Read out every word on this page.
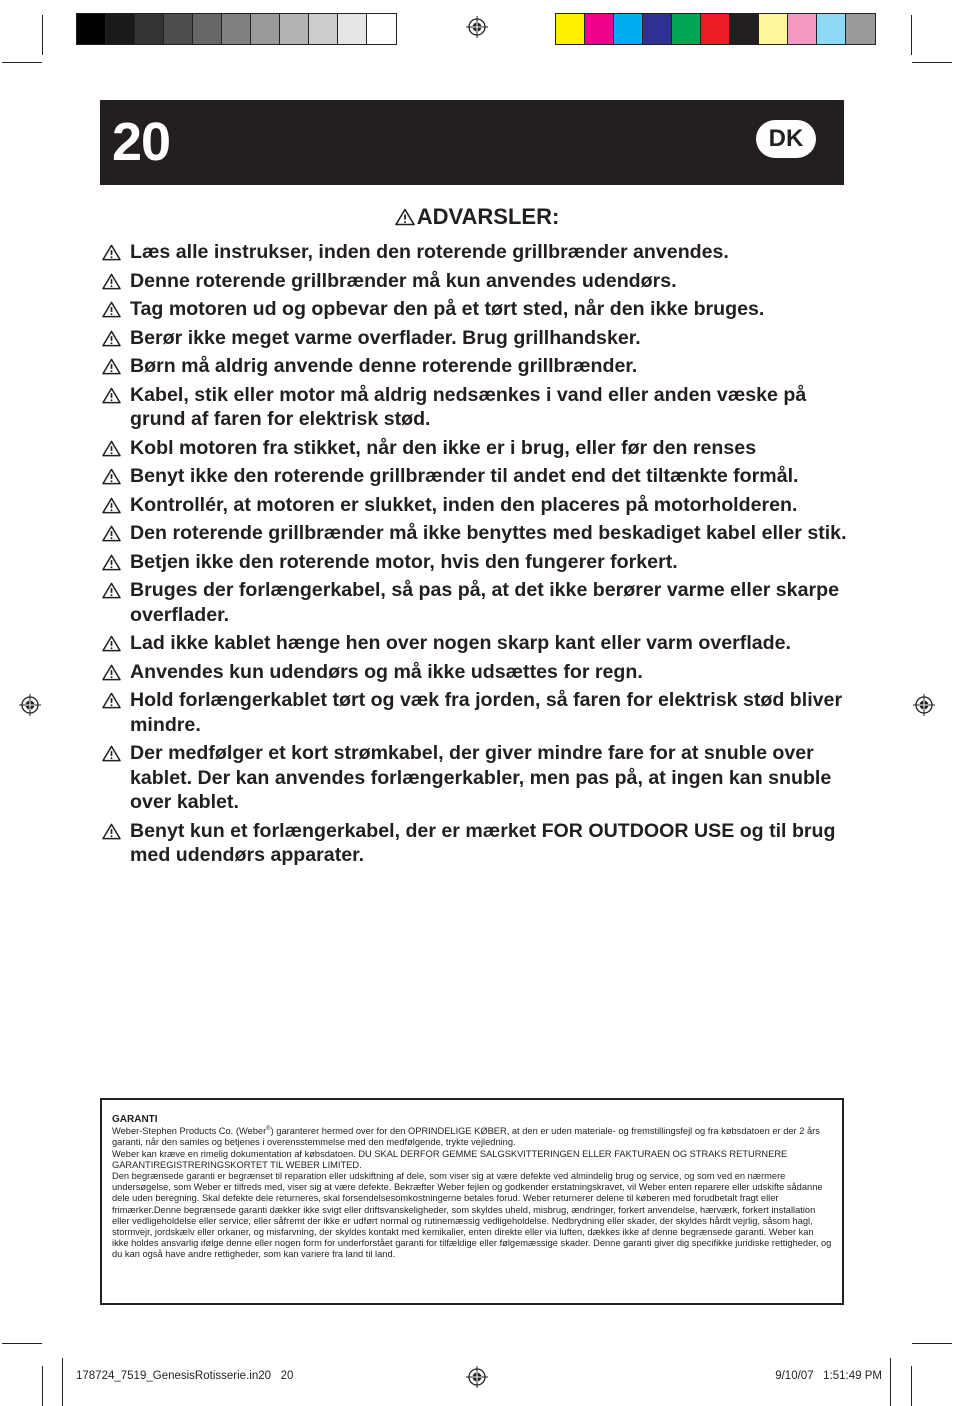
20	DK
ADVARSLER:
Læs alle instrukser, inden den roterende grillbrænder anvendes.
Denne roterende grillbrænder må kun anvendes udendørs.
Tag motoren ud og opbevar den på et tørt sted, når den ikke bruges.
Berør ikke meget varme overflader. Brug grillhandsker.
Børn må aldrig anvende denne roterende grillbrænder.
Kabel, stik eller motor må aldrig nedsænkes i vand eller anden væske på grund af faren for elektrisk stød.
Kobl motoren fra stikket, når den ikke er i brug, eller før den renses
Benyt ikke den roterende grillbrænder til andet end det tiltænkte formål.
Kontrollér, at motoren er slukket, inden den placeres på motorholderen.
Den roterende grillbrænder må ikke benyttes med beskadiget kabel eller stik.
Betjen ikke den roterende motor, hvis den fungerer forkert.
Bruges der forlængerkabel, så pas på, at det ikke berører varme eller skarpe overflader.
Lad ikke kablet hænge hen over nogen skarp kant eller varm overflade.
Anvendes kun udendørs og må ikke udsættes for regn.
Hold forlængerkablet tørt og væk fra jorden, så faren for elektrisk stød bliver mindre.
Der medfølger et kort strømkabel, der giver mindre fare for at snuble over kablet. Der kan anvendes forlængerkabler, men pas på, at ingen kan snuble over kablet.
Benyt kun et forlængerkabel, der er mærket FOR OUTDOOR USE og til brug med udendørs apparater.
GARANTI

Weber-Stephen Products Co. (Weber®) garanterer hermed over for den OPRINDELIGE KØBER, at den er uden materiale- og fremstillingsfejl og fra købsdatoen er der 2 års garanti, når den samles og betjenes i overensstemmelse med den medfølgende, trykte vejledning.

Weber kan kræve en rimelig dokumentation af købsdatoen. DU SKAL DERFOR GEMME SALGSKVITTERINGEN ELLER FAKTURAEN OG STRAKS RETURNERE GARANTIREGISTRERINGSKORTET TIL WEBER LIMITED.

Den begrænsede garanti er begrænset til reparation eller udskiftning af dele, som viser sig at være defekte ved almindelig brug og service, og som ved en nærmere undersøgelse, som Weber er tilfreds med, viser sig at være defekte. Bekræfter Weber fejlen og godkender erstatningskravet, vil Weber enten reparere eller udskifte sådanne dele uden beregning. Skal defekte dele returneres, skal forsendelsesomkostningerne betales forud. Weber returnerer delene til køberen med forudbetalt fragt eller frimærker.Denne begrænsede garanti dækker ikke svigt eller driftsvanskeligheder, som skyldes uheld, misbrug, ændringer, forkert anvendelse, hærværk, forkert installation eller vedligeholdelse eller service, eller såfremt der ikke er udført normal og rutinemæssig vedligeholdelse. Nedbrydning eller skader, der skyldes hårdt vejrlig, såsom hagl, stormvejr, jordskælv eller orkaner, og misfarvning, der skyldes kontakt med kemikalier, enten direkte eller via luften, dækkes ikke af denne begrænsede garanti. Weber kan ikke holdes ansvarlig ifølge denne eller nogen form for underforstået garanti for tilfældige eller følgemæssige skader. Denne garanti giver dig specifikke juridiske rettigheder, og du kan også have andre rettigheder, som kan variere fra land til land.

178724_7519_GenesisRotisserie.in20   20	9/10/07   1:51:49 PM
